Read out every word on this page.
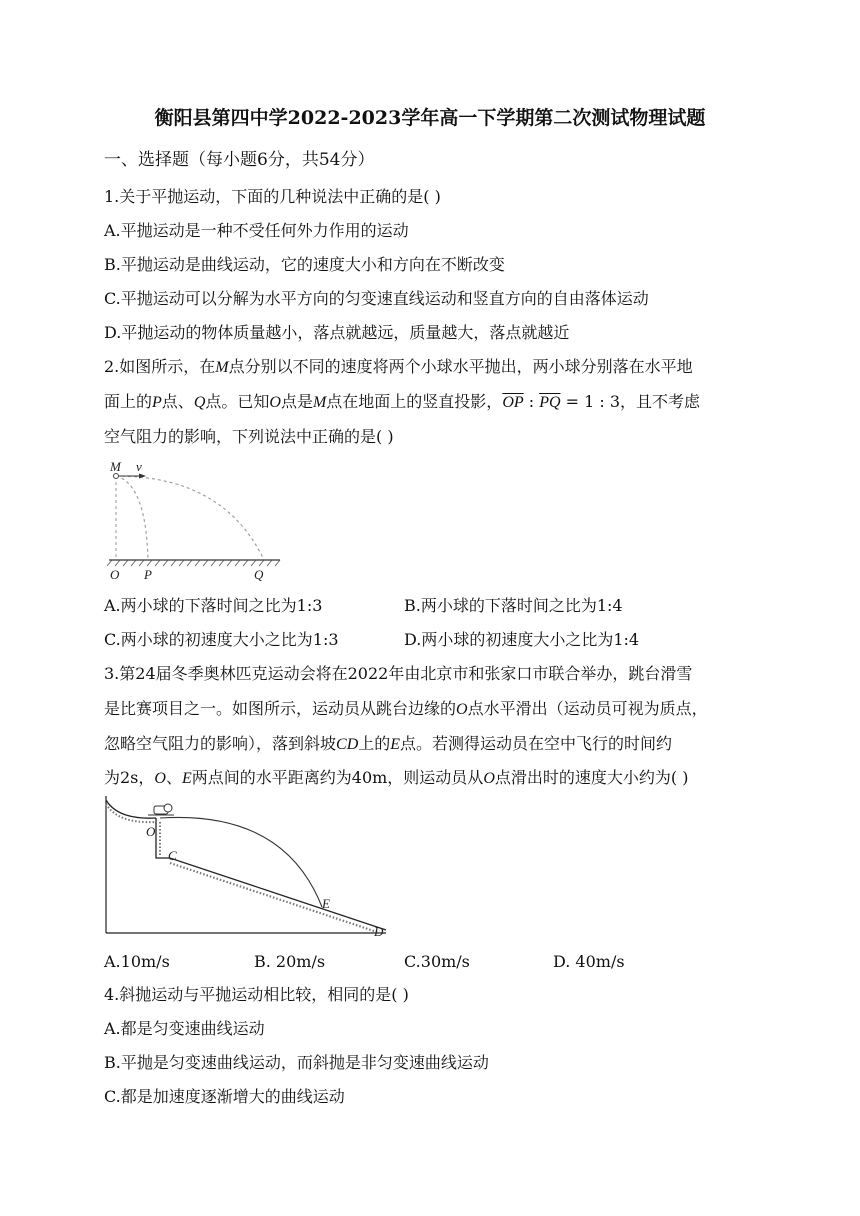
衡阳县第四中学2022-2023学年高一下学期第二次测试物理试题
一、选择题（每小题6分，共54分）
1.关于平抛运动，下面的几种说法中正确的是( )
A.平抛运动是一种不受任何外力作用的运动
B.平抛运动是曲线运动，它的速度大小和方向在不断改变
C.平抛运动可以分解为水平方向的匀变速直线运动和竖直方向的自由落体运动
D.平抛运动的物体质量越小，落点就越远，质量越大，落点就越近
2.如图所示，在M点分别以不同的速度将两个小球水平抛出，两小球分别落在水平地
面上的P点、Q点。已知O点是M点在地面上的竖直投影，$\overline{OP}$ : $\overline{PQ} = 1$ : 3，且不考虑
空气阻力的影响，下列说法中正确的是( )
M v
O P	Q
A.两小球的下落时间之比为1:3	B.两小球的下落时间之比为1:4
C.两小球的初速度大小之比为1:3	D.两小球的初速度大小之比为1:4
3.第24届冬季奥林匹克运动会将在2022年由北京市和张家口市联合举办，跳台滑雪
是比赛项目之一。如图所示，运动员从跳台边缘的O点水平滑出（运动员可视为质点，
忽略空气阻力的影响），落到斜坡CD上的E点。若测得运动员在空中飞行的时间约
为2s，O、E两点间的水平距离约为40m，则运动员从O点滑出时的速度大小约为( )
O
C
E
D
A.10m/s	B. 20m/s	C.30m/s	D. 40m/s
4.斜抛运动与平抛运动相比较，相同的是( )
A.都是匀变速曲线运动
B.平抛是匀变速曲线运动，而斜抛是非匀变速曲线运动
C.都是加速度逐渐增大的曲线运动
